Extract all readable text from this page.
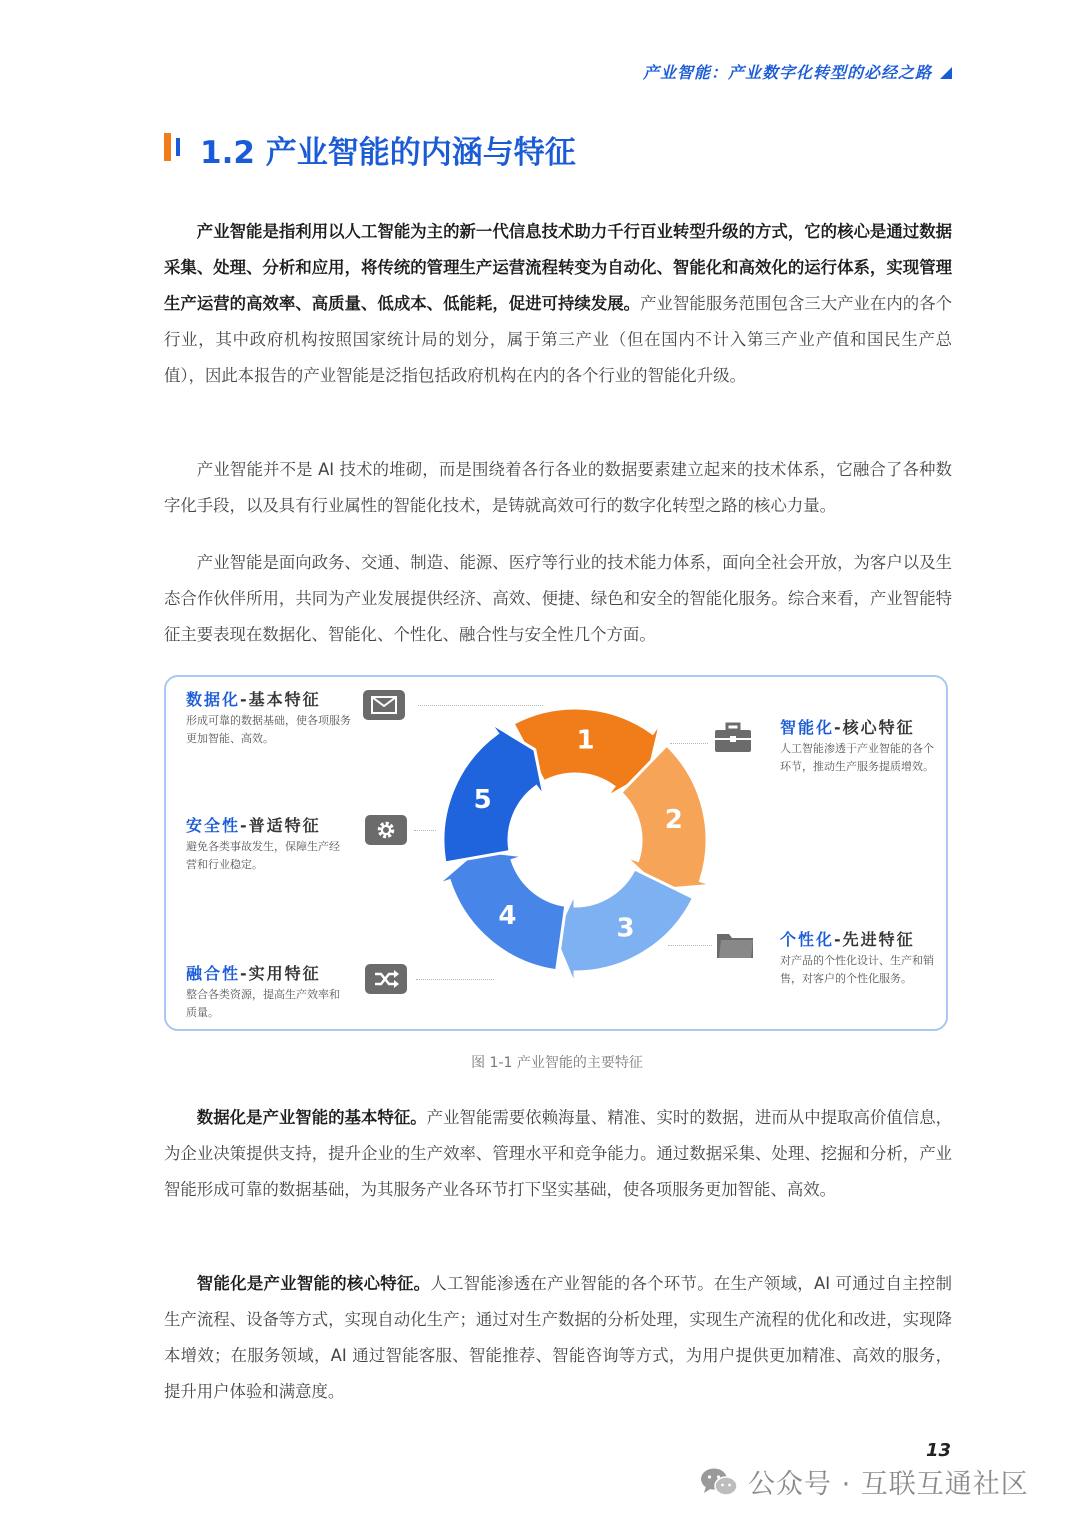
产业智能：产业数字化转型的必经之路
1.2 产业智能的内涵与特征

产业智能是指利用以人工智能为主的新一代信息技术助力千行百业转型升级的方式，它的核心是通过数据采集、处理、分析和应用，将传统的管理生产运营流程转变为自动化、智能化和高效化的运行体系，实现管理生产运营的高效率、高质量、低成本、低能耗，促进可持续发展。产业智能服务范围包含三大产业在内的各个行业，其中政府机构按照国家统计局的划分，属于第三产业（但在国内不计入第三产业产值和国民生产总值），因此本报告的产业智能是泛指包括政府机构在内的各个行业的智能化升级。

产业智能并不是 AI 技术的堆砌，而是围绕着各行各业的数据要素建立起来的技术体系，它融合了各种数字化手段，以及具有行业属性的智能化技术，是铸就高效可行的数字化转型之路的核心力量。

产业智能是面向政务、交通、制造、能源、医疗等行业的技术能力体系，面向全社会开放，为客户以及生态合作伙伴所用，共同为产业发展提供经济、高效、便捷、绿色和安全的智能化服务。综合来看，产业智能特征主要表现在数据化、智能化、个性化、融合性与安全性几个方面。

数据化-基本特征
形成可靠的数据基础，使各项服务更加智能、高效。
安全性-普适特征
避免各类事故发生，保障生产经营和行业稳定。
融合性-实用特征
整合各类资源，提高生产效率和质量。
智能化-核心特征
人工智能渗透于产业智能的各个环节，推动生产服务提质增效。
个性化-先进特征
对产品的个性化设计、生产和销售，对客户的个性化服务。
1
2
3
4
5
图 1-1 产业智能的主要特征

数据化是产业智能的基本特征。产业智能需要依赖海量、精准、实时的数据，进而从中提取高价值信息，为企业决策提供支持，提升企业的生产效率、管理水平和竞争能力。通过数据采集、处理、挖掘和分析，产业智能形成可靠的数据基础，为其服务产业各环节打下坚实基础，使各项服务更加智能、高效。

智能化是产业智能的核心特征。人工智能渗透在产业智能的各个环节。在生产领域，AI 可通过自主控制生产流程、设备等方式，实现自动化生产；通过对生产数据的分析处理，实现生产流程的优化和改进，实现降本增效；在服务领域，AI 通过智能客服、智能推荐、智能咨询等方式，为用户提供更加精准、高效的服务，提升用户体验和满意度。

13
公众号 · 互联互通社区
